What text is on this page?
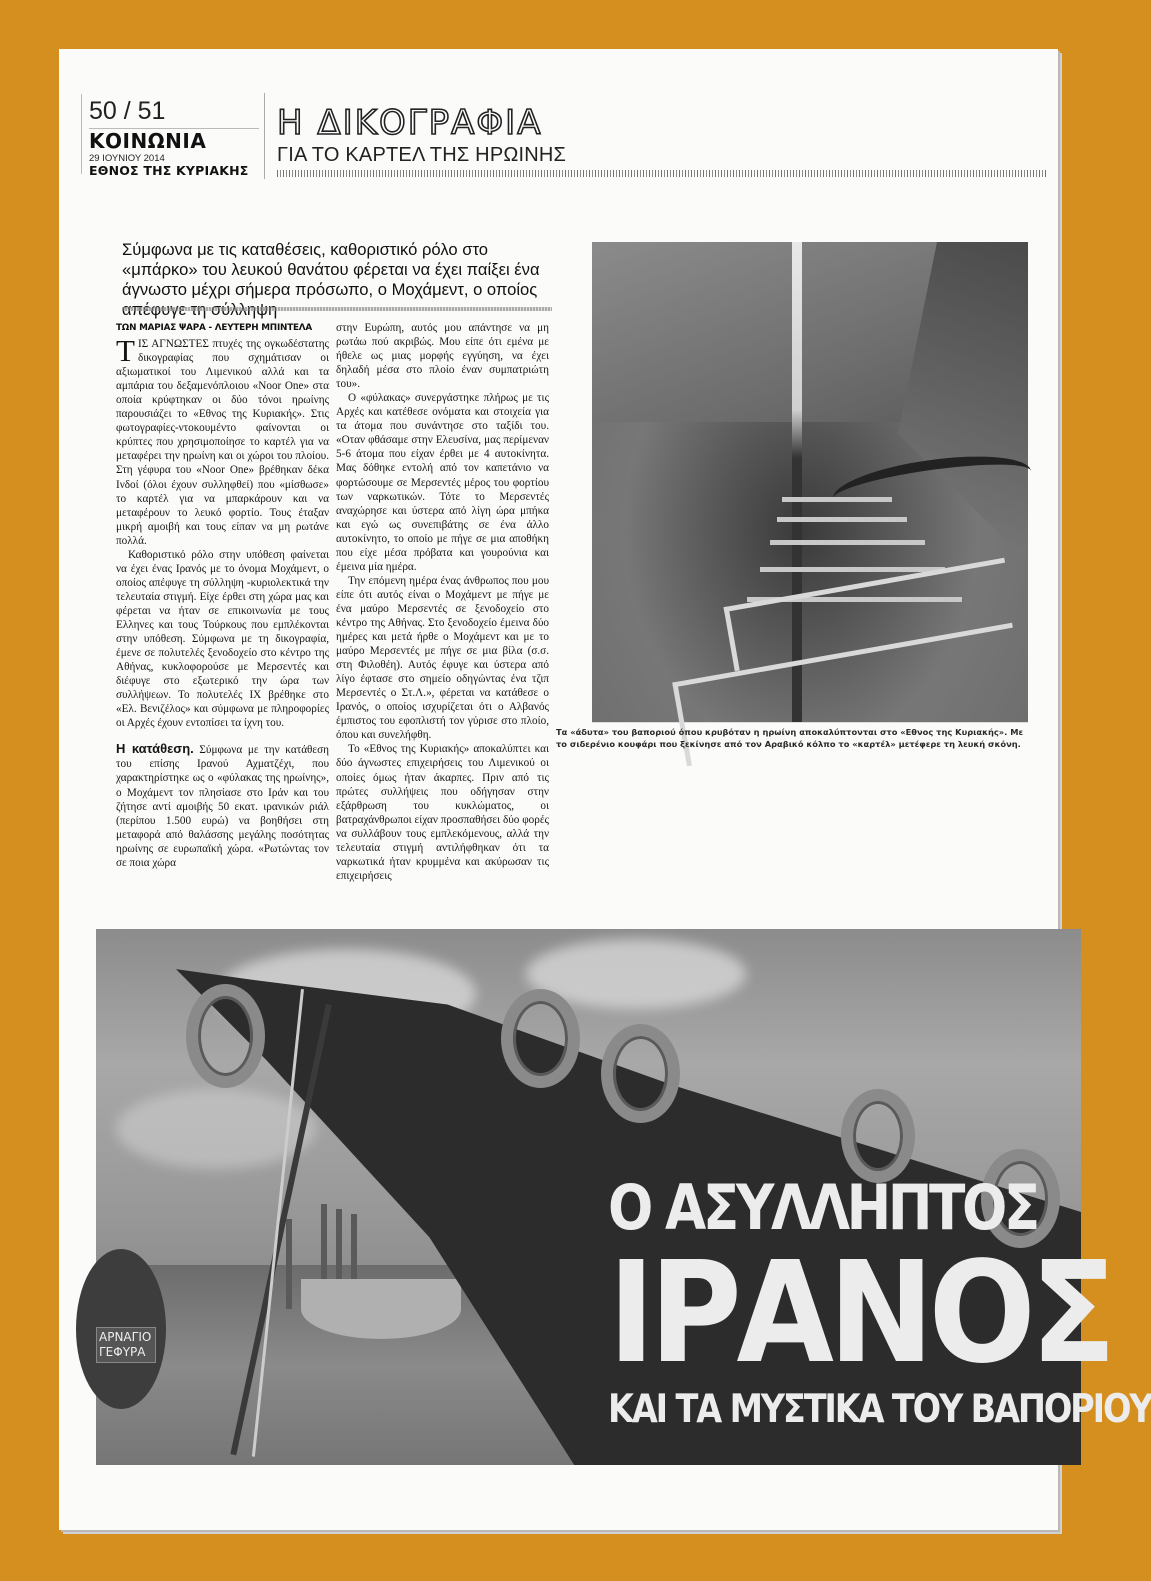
50 / 51
ΚΟΙΝΩΝΙΑ
29 ΙΟΥΝΙΟΥ 2014
ΕΘΝΟΣ ΤΗΣ ΚΥΡΙΑΚΗΣ
Η ΔΙΚΟΓΡΑΦΙΑ
ΓΙΑ ΤΟ ΚΑΡΤΕΛ ΤΗΣ ΗΡΩΙΝΗΣ
Σύμφωνα με τις καταθέσεις, καθοριστικό ρόλο στο «μπάρκο» του λευκού θανάτου φέρεται να έχει παίξει ένα άγνωστο μέχρι σήμερα πρόσωπο, ο Μοχάμεντ, ο οποίος
ΤΩΝ ΜΑΡΙΑΣ ΨΑΡΑ - ΛΕΥΤΕΡΗ ΜΠΙΝΤΕΛΑ

ΤΙΣ ΑΓΝΩΣΤΕΣ πτυχές της ογκωδέστατης δικογραφίας που σχημάτισαν οι αξιωματικοί του Λιμενικού αλλά και τα αμπάρια του δεξαμενόπλοιου «Noor One» στα οποία κρύφτηκαν οι δύο τόνοι ηρωίνης παρουσιάζει το «Εθνος της Κυριακής». Στις φωτογραφίες-ντοκουμέντο φαίνονται οι κρύπτες που χρησιμοποίησε το καρτέλ για να μεταφέρει την ηρωίνη και οι χώροι του πλοίου. Στη γέφυρα του «Noor One» βρέθηκαν δέκα Ινδοί (όλοι έχουν συλληφθεί) που «μίσθωσε» το καρτέλ για να μπαρκάρουν και να μεταφέρουν το λευκό φορτίο. Τους έταξαν μικρή αμοιβή και τους είπαν να μη ρωτάνε πολλά.

Καθοριστικό ρόλο στην υπόθεση φαίνεται να έχει ένας Ιρανός με το όνομα Μοχάμεντ, ο οποίος απέφυγε τη σύλληψη -κυριολεκτικά την τελευταία στιγμή. Είχε έρθει στη χώρα μας και φέρεται να ήταν σε επικοινωνία με τους Ελληνες και τους Τούρκους που εμπλέκονται στην υπόθεση. Σύμφωνα με τη δικογραφία, έμενε σε πολυτελές ξενοδοχείο στο κέντρο της Αθήνας, κυκλοφορούσε με Μερσεντές και διέφυγε στο εξωτερικό την ώρα των συλλήψεων. Το πολυτελές ΙΧ βρέθηκε στο «Ελ. Βενιζέλος» και σύμφωνα με πληροφορίες οι Αρχές έχουν εντοπίσει τα ίχνη του.

Η κατάθεση. Σύμφωνα με την κατάθεση του επίσης Ιρανού Αχματζέχι, που χαρακτηρίστηκε ως ο «φύλακας της ηρωίνης», ο Μοχάμεντ τον πλησίασε στο Ιράν και του ζήτησε αντί αμοιβής 50 εκατ. ιρανικών ριάλ (περίπου 1.500 ευρώ) να βοηθήσει στη μεταφορά από θαλάσσης μεγάλης ποσότητας ηρωίνης σε ευρωπαϊκή χώρα. «Ρωτώντας τον σε ποια χώρα

στην Ευρώπη, αυτός μου απάντησε να μη ρωτάω πού ακριβώς. Μου είπε ότι εμένα με ήθελε ως μιας μορφής εγγύηση, να έχει δηλαδή μέσα στο πλοίο έναν συμπατριώτη του».

Ο «φύλακας» συνεργάστηκε πλήρως με τις Αρχές και κατέθεσε ονόματα και στοιχεία για τα άτομα που συνάντησε στο ταξίδι του. «Οταν φθάσαμε στην Ελευσίνα, μας περίμεναν 5-6 άτομα που είχαν έρθει με 4 αυτοκίνητα. Μας δόθηκε εντολή από τον καπετάνιο να φορτώσουμε σε Μερσεντές μέρος του φορτίου των ναρκωτικών. Τότε το Μερσεντές αναχώρησε και ύστερα από λίγη ώρα μπήκα και εγώ ως συνεπιβάτης σε ένα άλλο αυτοκίνητο, το οποίο με πήγε σε μια αποθήκη που είχε μέσα πρόβατα και γουρούνια και έμεινα μία ημέρα.

Την επόμενη ημέρα ένας άνθρωπος που μου είπε ότι αυτός είναι ο Μοχάμεντ με πήγε με ένα μαύρο Μερσεντές σε ξενοδοχείο στο κέντρο της Αθήνας. Στο ξενοδοχείο έμεινα δύο ημέρες και μετά ήρθε ο Μοχάμεντ και με το μαύρο Μερσεντές με πήγε σε μια βίλα (σ.σ. στη Φιλοθέη). Αυτός έφυγε και ύστερα από λίγο έφτασε στο σημείο οδηγώντας ένα τζιπ Μερσεντές ο Στ.Λ.», φέρεται να κατάθεσε ο Ιρανός, ο οποίος ισχυρίζεται ότι ο Αλβανός έμπιστος του εφοπλιστή τον γύρισε στο πλοίο, όπου και συνελήφθη.

Το «Εθνος της Κυριακής» αποκαλύπτει και δύο άγνωστες επιχειρήσεις του Λιμενικού οι οποίες όμως ήταν άκαρπες. Πριν από τις πρώτες συλλήψεις που οδήγησαν στην εξάρθρωση του κυκλώματος, οι βατραχάνθρωποι είχαν προσπαθήσει δύο φορές να συλλάβουν τους εμπλεκόμενους, αλλά την τελευταία στιγμή αντιλήφθηκαν ότι τα ναρκωτικά ήταν κρυμμένα και ακύρωσαν τις επιχειρήσεις

Τα «άδυτα» του βαποριού όπου κρυβόταν η ηρωίνη αποκαλύπτονται στο «Εθνος της Κυριακής». Με το σιδερένιο κουφάρι που ξεκίνησε από τον Αραβικό κόλπο το «καρτέλ» μετέφερε τη λευκή σκόνη.
ΑΡΝΑΓΙΟ
ΓΕΦΥΡΑ
Ο ΑΣΥΛΛΗΠΤΟΣ
ΙΡΑΝΟΣ
ΚΑΙ ΤΑ ΜΥΣΤΙΚΑ ΤΟΥ ΒΑΠΟΡΙΟΥ
